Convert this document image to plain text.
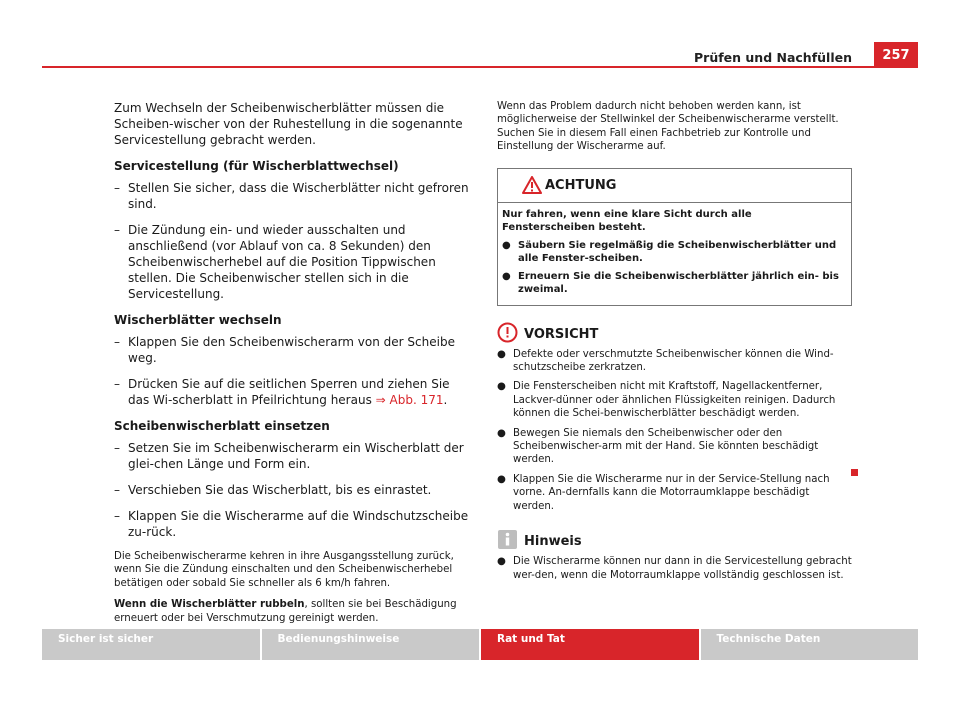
Prüfen und Nachfüllen	257
Zum Wechseln der Scheibenwischerblätter müssen die Scheiben-wischer von der Ruhestellung in die sogenannte Servicestellung gebracht werden.
Servicestellung (für Wischerblattwechsel)
– Stellen Sie sicher, dass die Wischerblätter nicht gefroren sind.
– Die Zündung ein- und wieder ausschalten und anschließend (vor Ablauf von ca. 8 Sekunden) den Scheibenwischerhebel auf die Position Tippwischen stellen. Die Scheibenwischer stellen sich in die Servicestellung.
Wischerblätter wechseln
– Klappen Sie den Scheibenwischerarm von der Scheibe weg.
– Drücken Sie auf die seitlichen Sperren und ziehen Sie das Wi-scherblatt in Pfeilrichtung heraus ⇒ Abb. 171.
Scheibenwischerblatt einsetzen
– Setzen Sie im Scheibenwischerarm ein Wischerblatt der glei-chen Länge und Form ein.
– Verschieben Sie das Wischerblatt, bis es einrastet.
– Klappen Sie die Wischerarme auf die Windschutzscheibe zu-rück.
Die Scheibenwischerarme kehren in ihre Ausgangsstellung zurück, wenn Sie die Zündung einschalten und den Scheibenwischerhebel betätigen oder sobald Sie schneller als 6 km/h fahren.
Wenn die Wischerblätter rubbeln, sollten sie bei Beschädigung erneuert oder bei Verschmutzung gereinigt werden.
Wenn das Problem dadurch nicht behoben werden kann, ist möglicherweise der Stellwinkel der Scheibenwischerarme verstellt. Suchen Sie in diesem Fall einen Fachbetrieb zur Kontrolle und Einstellung der Wischerarme auf.
ACHTUNG
Nur fahren, wenn eine klare Sicht durch alle Fensterscheiben besteht.
● Säubern Sie regelmäßig die Scheibenwischerblätter und alle Fenster-scheiben.
● Erneuern Sie die Scheibenwischerblätter jährlich ein- bis zweimal.
VORSICHT
● Defekte oder verschmutzte Scheibenwischer können die Wind-schutzscheibe zerkratzen.
● Die Fensterscheiben nicht mit Kraftstoff, Nagellackentferner, Lackver-dünner oder ähnlichen Flüssigkeiten reinigen. Dadurch können die Schei-benwischerblätter beschädigt werden.
● Bewegen Sie niemals den Scheibenwischer oder den Scheibenwischer-arm mit der Hand. Sie könnten beschädigt werden.
● Klappen Sie die Wischerarme nur in der Service-Stellung nach vorne. An-dernfalls kann die Motorraumklappe beschädigt werden.
Hinweis
● Die Wischerarme können nur dann in die Servicestellung gebracht wer-den, wenn die Motorraumklappe vollständig geschlossen ist.
Sicher ist sicher	Bedienungshinweise	Rat und Tat	Technische Daten
